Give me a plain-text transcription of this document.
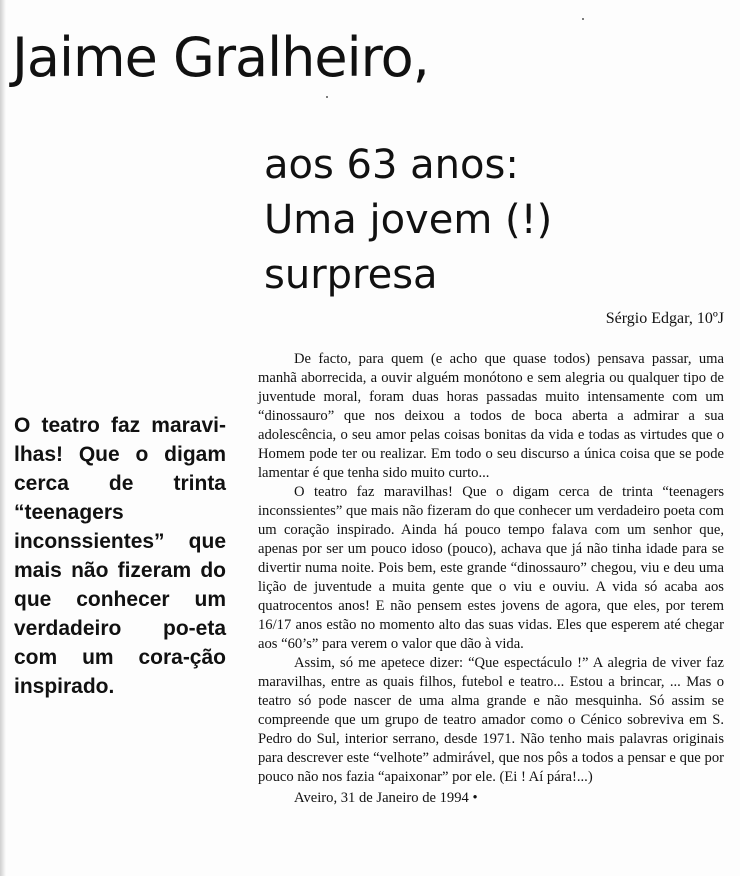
Jaime Gralheiro,
aos 63 anos:
Uma jovem (!)
surpresa
Sérgio Edgar, 10ºJ
O teatro faz maravi-lhas! Que o digam cerca de trinta “teenagers inconssientes” que mais não fizeram do que conhecer um verdadeiro po-eta com um cora-ção inspirado.

De facto, para quem (e acho que quase todos) pensava passar, uma manhã aborrecida, a ouvir alguém monótono e sem alegria ou qualquer tipo de juventude moral, foram duas horas passadas muito intensamente com um “dinossauro” que nos deixou a todos de boca aberta a admirar a sua adolescência, o seu amor pelas coisas bonitas da vida e todas as virtudes que o Homem pode ter ou realizar. Em todo o seu discurso a única coisa que se pode lamentar é que tenha sido muito curto...

O teatro faz maravilhas! Que o digam cerca de trinta “teenagers inconssientes” que mais não fizeram do que conhecer um verdadeiro poeta com um coração inspirado. Ainda há pouco tempo falava com um senhor que, apenas por ser um pouco idoso (pouco), achava que já não tinha idade para se divertir numa noite. Pois bem, este grande “dinossauro” chegou, viu e deu uma lição de juventude a muita gente que o viu e ouviu. A vida só acaba aos quatrocentos anos! E não pensem estes jovens de agora, que eles, por terem 16/17 anos estão no momento alto das suas vidas. Eles que esperem até chegar aos “60’s” para verem o valor que dão à vida.

Assim, só me apetece dizer: “Que espectáculo !” A alegria de viver faz maravilhas, entre as quais filhos, futebol e teatro... Estou a brincar, ... Mas o teatro só pode nascer de uma alma grande e não mesquinha. Só assim se compreende que um grupo de teatro amador como o Cénico sobreviva em S. Pedro do Sul, interior serrano, desde 1971. Não tenho mais palavras originais para descrever este “velhote” admirável, que nos pôs a todos a pensar e que por pouco não nos fazia “apaixonar” por ele. (Ei ! Aí pára!...)

Aveiro, 31 de Janeiro de 1994 •
